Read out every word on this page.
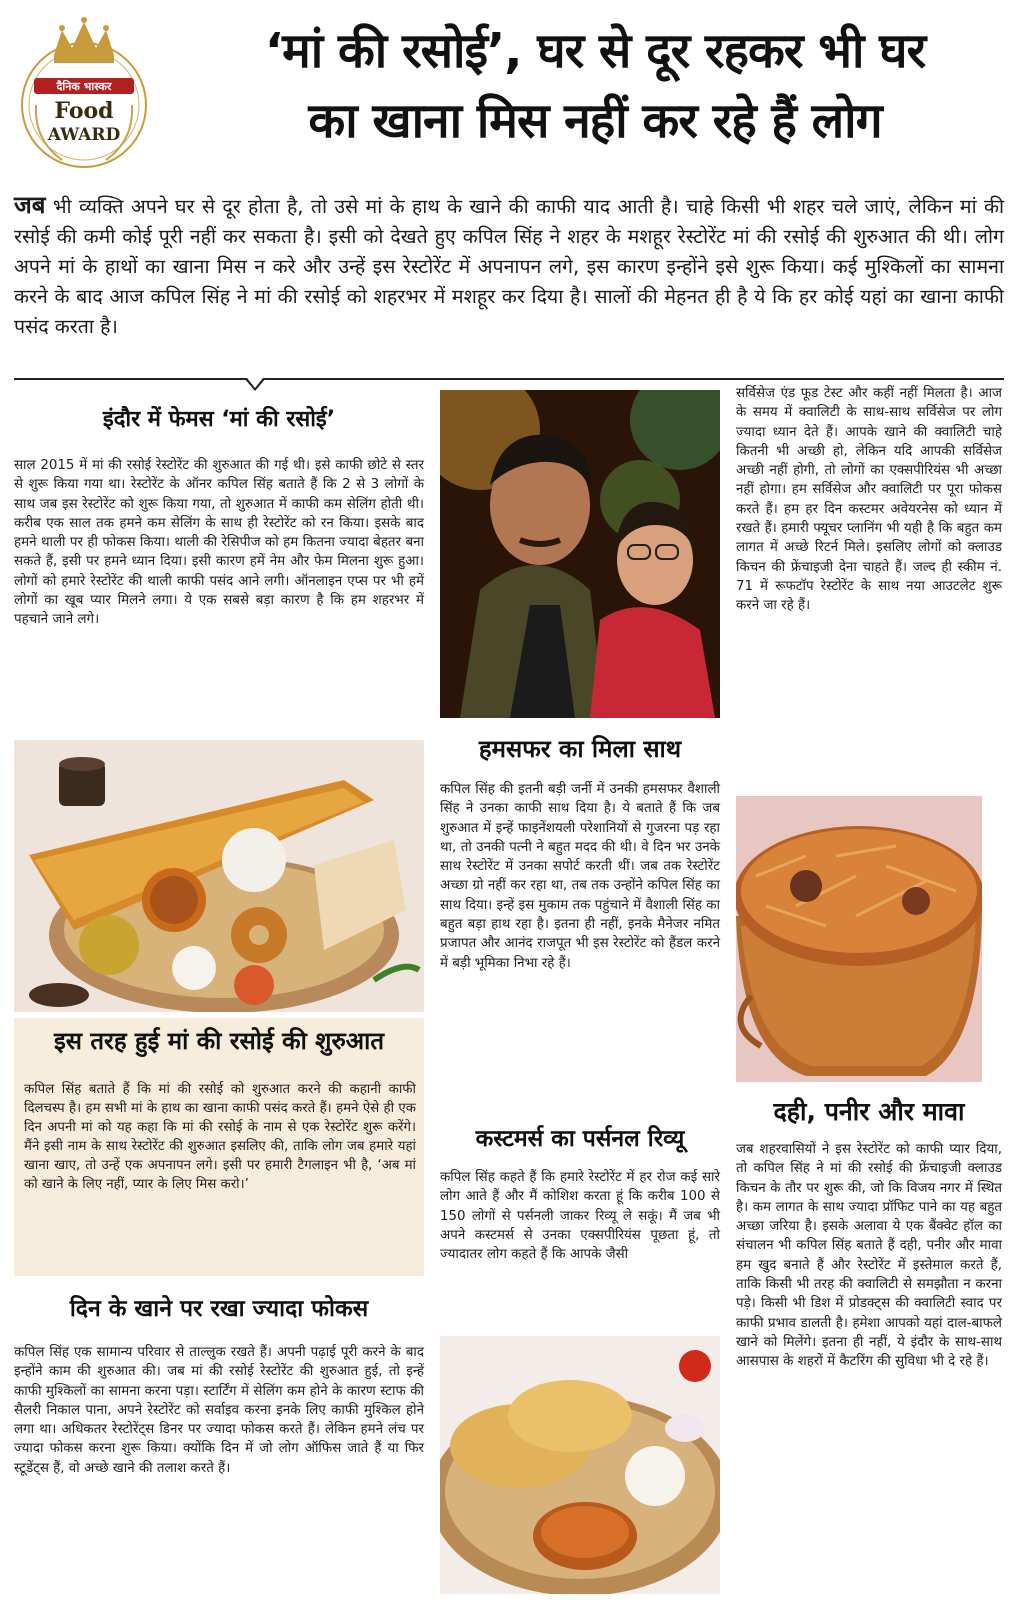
दैनिक भास्कर
Food
AWARD
‘मां की रसोई’, घर से दूर रहकर भी घर
का खाना मिस नहीं कर रहे हैं लोग

जब भी व्यक्ति अपने घर से दूर होता है, तो उसे मां के हाथ के खाने की काफी याद आती है। चाहे किसी भी शहर चले जाएं, लेकिन मां की रसोई की कमी कोई पूरी नहीं कर सकता है। इसी को देखते हुए कपिल सिंह ने शहर के मशहूर रेस्टोरेंट मां की रसोई की शुरुआत की थी। लोग अपने मां के हाथों का खाना मिस न करे और उन्हें इस रेस्टोरेंट में अपनापन लगे, इस कारण इन्होंने इसे शुरू किया। कई मुश्किलों का सामना करने के बाद आज कपिल सिंह ने मां की रसोई को शहरभर में मशहूर कर दिया है। सालों की मेहनत ही है ये कि हर कोई यहां का खाना काफी पसंद करता है।

इंदौर में फेमस ‘मां की रसोई’

साल 2015 में मां की रसोई रेस्टोरेंट की शुरुआत की गई थी। इसे काफी छोटे से स्तर से शुरू किया गया था। रेस्टोरेंट के ऑनर कपिल सिंह बताते हैं कि 2 से 3 लोगों के साथ जब इस रेस्टोरेंट को शुरू किया गया, तो शुरुआत में काफी कम सेलिंग होती थी। करीब एक साल तक हमने कम सेलिंग के साथ ही रेस्टोरेंट को रन किया। इसके बाद हमने थाली पर ही फोकस किया। थाली की रेसिपीज को हम कितना ज्यादा बेहतर बना सकते हैं, इसी पर हमने ध्यान दिया। इसी कारण हमें नेम और फेम मिलना शुरू हुआ। लोगों को हमारे रेस्टोरेंट की थाली काफी पसंद आने लगी। ऑनलाइन एप्स पर भी हमें लोगों का खूब प्यार मिलने लगा। ये एक सबसे बड़ा कारण है कि हम शहरभर में पहचाने जाने लगे।

इस तरह हुई मां की रसोई की शुरुआत

कपिल सिंह बताते हैं कि मां की रसोई को शुरुआत करने की कहानी काफी दिलचस्प है। हम सभी मां के हाथ का खाना काफी पसंद करते हैं। हमने ऐसे ही एक दिन अपनी मां को यह कहा कि मां की रसोई के नाम से एक रेस्टोरेंट शुरू करेंगे। मैंने इसी नाम के साथ रेस्टोरेंट की शुरुआत इसलिए की, ताकि लोग जब हमारे यहां खाना खाए, तो उन्हें एक अपनापन लगे। इसी पर हमारी टैगलाइन भी है, ‘अब मां को खाने के लिए नहीं, प्यार के लिए मिस करो।’

दिन के खाने पर रखा ज्यादा फोकस

कपिल सिंह एक सामान्य परिवार से ताल्लुक रखते हैं। अपनी पढ़ाई पूरी करने के बाद इन्होंने काम की शुरुआत की। जब मां की रसोई रेस्टोरेंट की शुरुआत हुई, तो इन्हें काफी मुश्किलों का सामना करना पड़ा। स्टार्टिंग में सेलिंग कम होने के कारण स्टाफ की सैलरी निकाल पाना, अपने रेस्टोरेंट को सर्वाइव करना इनके लिए काफी मुश्किल होने लगा था। अधिकतर रेस्टोरेंट्स डिनर पर ज्यादा फोकस करते हैं। लेकिन हमने लंच पर ज्यादा फोकस करना शुरू किया। क्योंकि दिन में जो लोग ऑफिस जाते हैं या फिर स्टूडेंट्स हैं, वो अच्छे खाने की तलाश करते हैं।

हमसफर का मिला साथ

कपिल सिंह की इतनी बड़ी जर्नी में उनकी हमसफर वैशाली सिंह ने उनका काफी साथ दिया है। ये बताते हैं कि जब शुरुआत में इन्हें फाइनेंशयली परेशानियों से गुजरना पड़ रहा था, तो उनकी पत्नी ने बहुत मदद की थी। वे दिन भर उनके साथ रेस्टोरेंट में उनका सपोर्ट करती थीं। जब तक रेस्टोरेंट अच्छा ग्रो नहीं कर रहा था, तब तक उन्होंने कपिल सिंह का साथ दिया। इन्हें इस मुकाम तक पहुंचाने में वैशाली सिंह का बहुत बड़ा हाथ रहा है। इतना ही नहीं, इनके मैनेजर नमित प्रजापत और आनंद राजपूत भी इस रेस्टोरेंट को हैंडल करने में बड़ी भूमिका निभा रहे हैं।

कस्टमर्स का पर्सनल रिव्यू

कपिल सिंह कहते हैं कि हमारे रेस्टोरेंट में हर रोज कई सारे लोग आते हैं और मैं कोशिश करता हूं कि करीब 100 से 150 लोगों से पर्सनली जाकर रिव्यू ले सकूं। मैं जब भी अपने कस्टमर्स से उनका एक्सपीरियंस पूछता हूं, तो ज्यादातर लोग कहते हैं कि आपके जैसी

सर्विसेज एंड फूड टेस्ट और कहीं नहीं मिलता है। आज के समय में क्वालिटी के साथ-साथ सर्विसेज पर लोग ज्यादा ध्यान देते हैं। आपके खाने की क्वालिटी चाहे कितनी भी अच्छी हो, लेकिन यदि आपकी सर्विसेज अच्छी नहीं होगी, तो लोगों का एक्सपीरियंस भी अच्छा नहीं होगा। हम सर्विसेज और क्वालिटी पर पूरा फोकस करते हैं। हम हर दिन कस्टमर अवेयरनेस को ध्यान में रखते हैं। हमारी फ्यूचर प्लानिंग भी यही है कि बहुत कम लागत में अच्छे रिटर्न मिले। इसलिए लोगों को क्लाउड किचन की फ्रेंचाइजी देना चाहते हैं। जल्द ही स्कीम नं. 71 में रूफटॉप रेस्टोरेंट के साथ नया आउटलेट शुरू करने जा रहे हैं।

दही, पनीर और मावा

जब शहरवासियों ने इस रेस्टोरेंट को काफी प्यार दिया, तो कपिल सिंह ने मां की रसोई की फ्रेंचाइजी क्लाउड किचन के तौर पर शुरू की, जो कि विजय नगर में स्थित है। कम लागत के साथ ज्यादा प्रॉफिट पाने का यह बहुत अच्छा जरिया है। इसके अलावा ये एक बैंक्वेट हॉल का संचालन भी कपिल सिंह बताते हैं दही, पनीर और मावा हम खुद बनाते हैं और रेस्टोरेंट में इस्तेमाल करते हैं, ताकि किसी भी तरह की क्वालिटी से समझौता न करना पड़े। किसी भी डिश में प्रोडक्ट्स की क्वालिटी स्वाद पर काफी प्रभाव डालती है। हमेशा आपको यहां दाल-बाफले खाने को मिलेंगे। इतना ही नहीं, ये इंदौर के साथ-साथ आसपास के शहरों में कैटरिंग की सुविधा भी दे रहे हैं।
